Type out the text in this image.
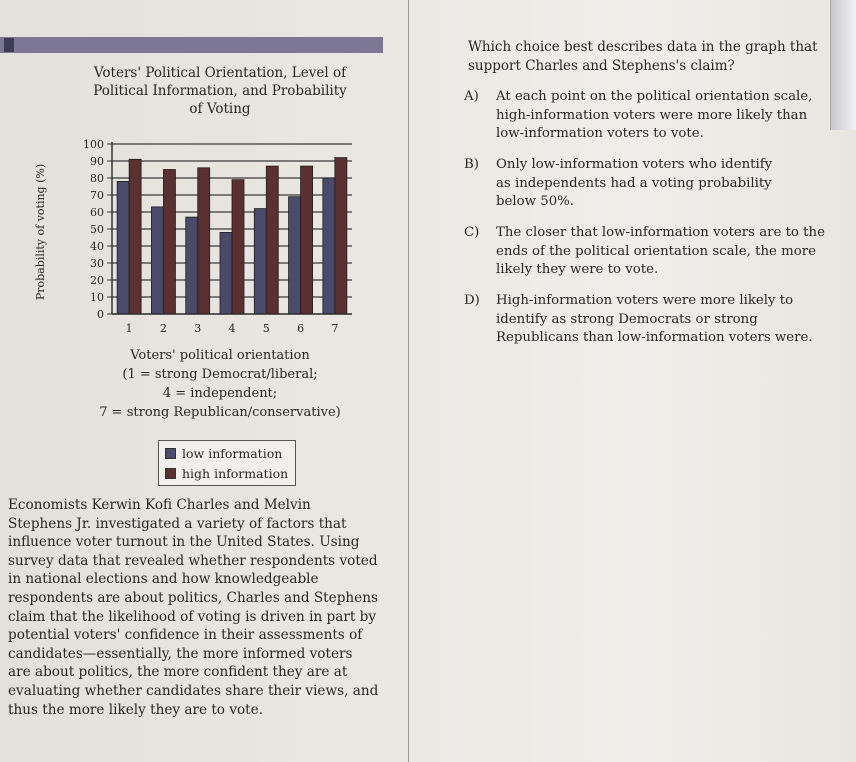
Voters' Political Orientation, Level of
Political Information, and Probability
of Voting
Probability of voting (%)
0
10
20
30
40
50
60
70
80
90
100
1 2 3 4 5 6 7
Voters' political orientation
(1 = strong Democrat/liberal;
4 = independent;
7 = strong Republican/conservative)
low information
high information
Economists Kerwin Kofi Charles and Melvin
Stephens Jr. investigated a variety of factors that
influence voter turnout in the United States. Using
survey data that revealed whether respondents voted
in national elections and how knowledgeable
respondents are about politics, Charles and Stephens
claim that the likelihood of voting is driven in part by
potential voters' confidence in their assessments of
candidates—essentially, the more informed voters
are about politics, the more confident they are at
evaluating whether candidates share their views, and
thus the more likely they are to vote.
Which choice best describes data in the graph that
support Charles and Stephens's claim?
A) At each point on the political orientation scale,
high-information voters were more likely than
low-information voters to vote.
B) Only low-information voters who identify
as independents had a voting probability
below 50%.
C) The closer that low-information voters are to the
ends of the political orientation scale, the more
likely they were to vote.
D) High-information voters were more likely to
identify as strong Democrats or strong
Republicans than low-information voters were.
